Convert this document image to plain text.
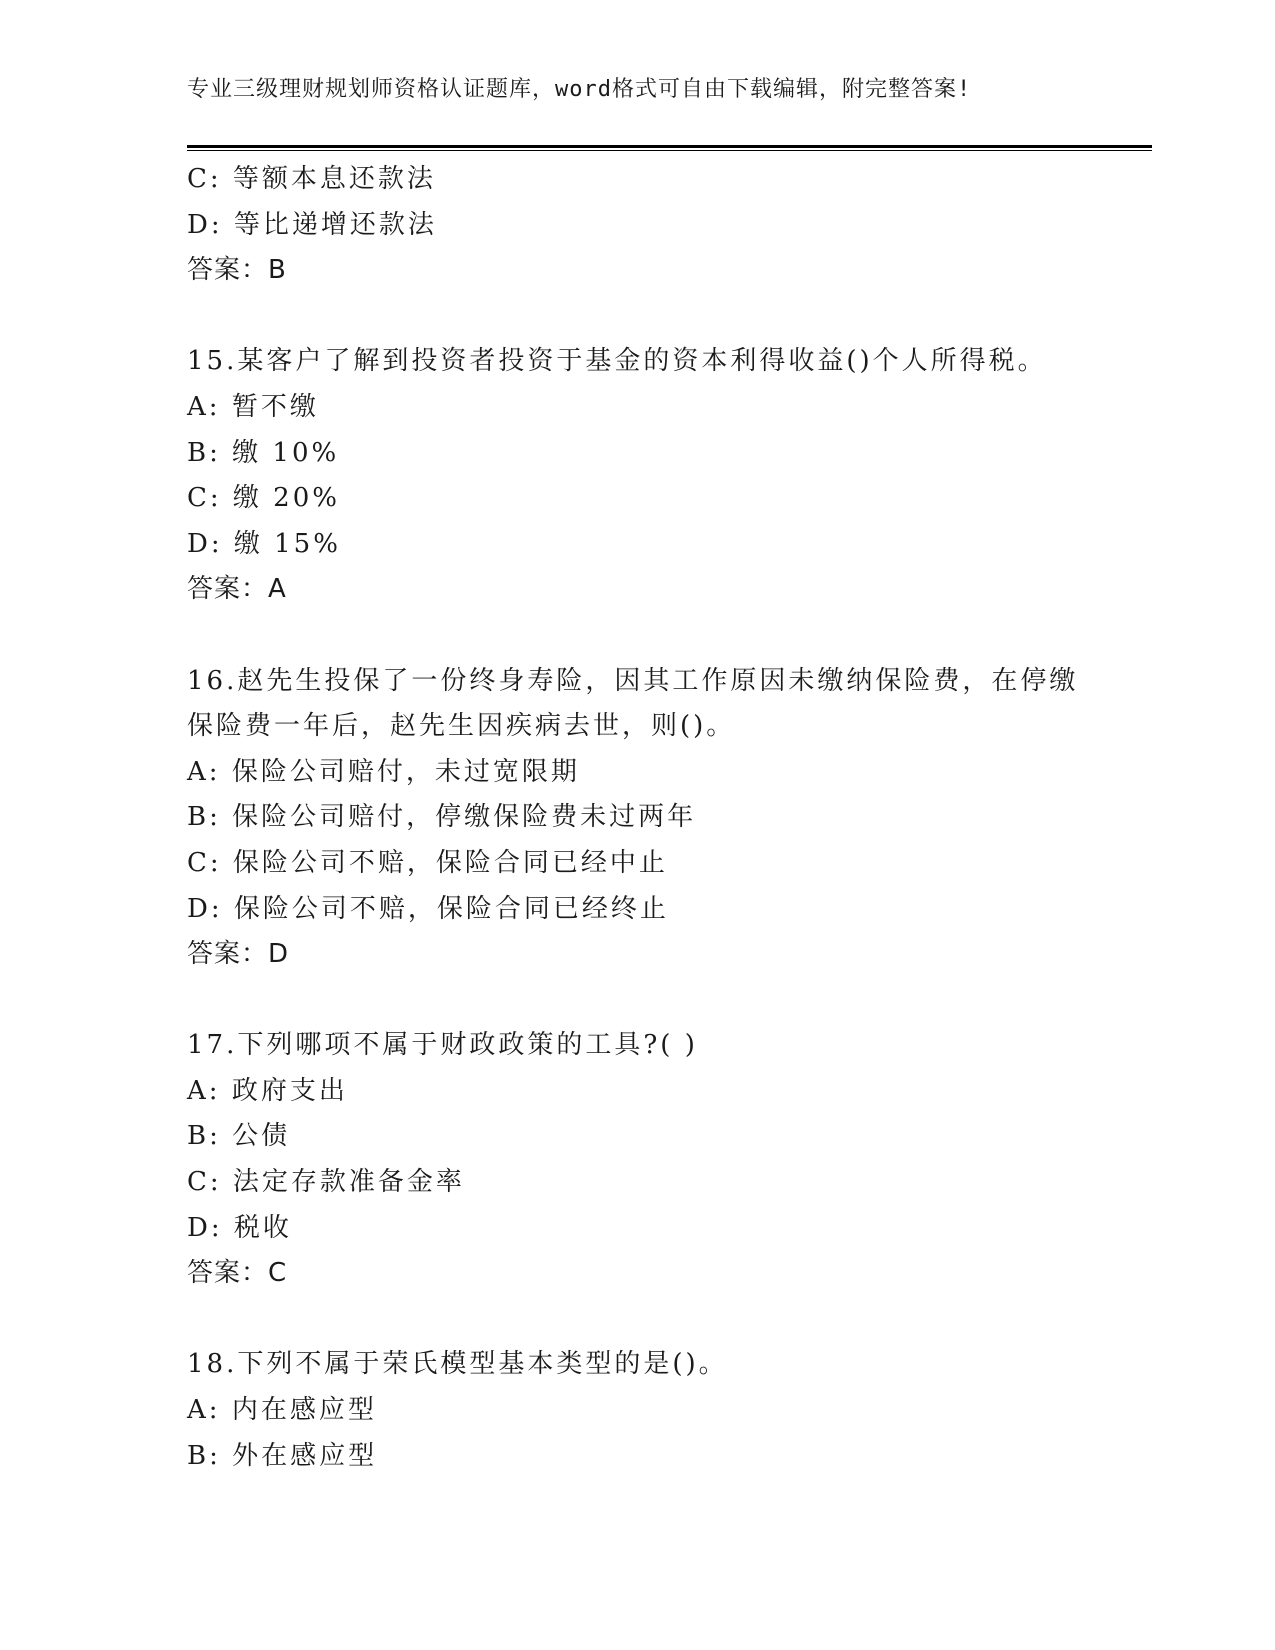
专业三级理财规划师资格认证题库，word格式可自由下载编辑，附完整答案!
C: 等额本息还款法
D: 等比递增还款法
答案：B
15.某客户了解到投资者投资于基金的资本利得收益()个人所得税。
A: 暂不缴
B: 缴 10%
C: 缴 20%
D: 缴 15%
答案：A
16.赵先生投保了一份终身寿险，因其工作原因未缴纳保险费，在停缴
保险费一年后，赵先生因疾病去世，则()。
A: 保险公司赔付，未过宽限期
B: 保险公司赔付，停缴保险费未过两年
C: 保险公司不赔，保险合同已经中止
D: 保险公司不赔，保险合同已经终止
答案：D
17.下列哪项不属于财政政策的工具?( )
A: 政府支出
B: 公债
C: 法定存款准备金率
D: 税收
答案：C
18.下列不属于荣氏模型基本类型的是()。
A: 内在感应型
B: 外在感应型
